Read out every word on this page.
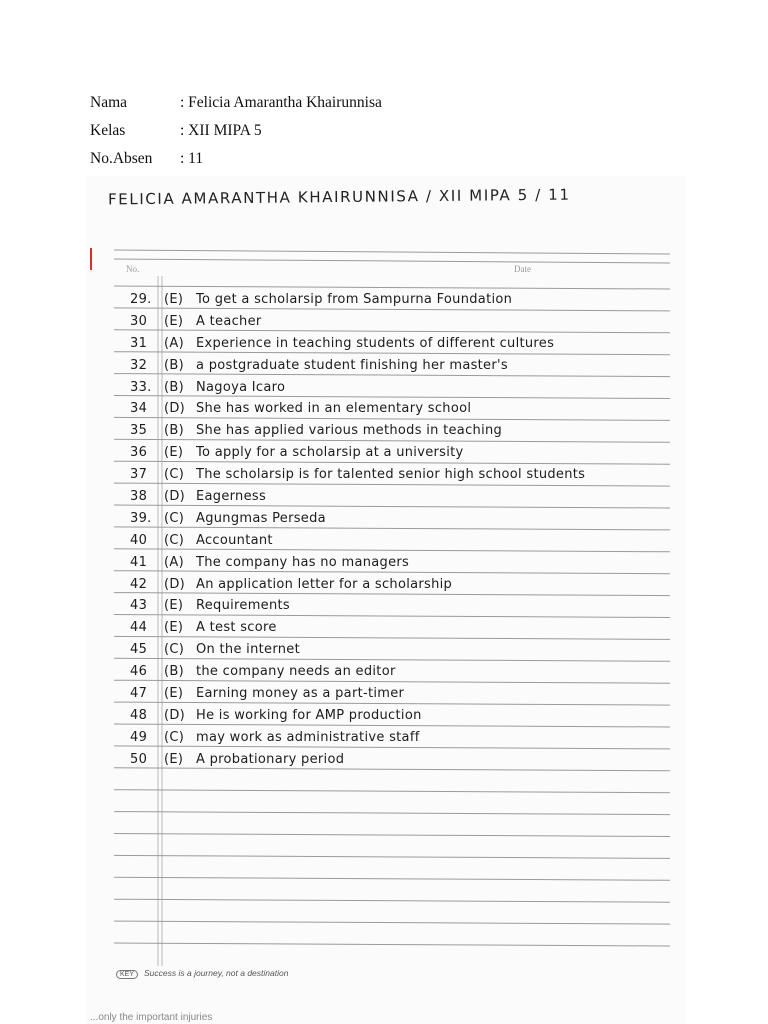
Nama	: Felicia Amarantha Khairunnisa
Kelas	: XII MIPA 5
No.Absen : 11
FELICIA AMARANTHA KHAIRUNNISA / XII MIPA 5 / 11
No.	Date
29. (E) To get a scholarsip from Sampurna Foundation
30	(E) A teacher
31	(A) Experience in teaching students of different cultures
32	(B) a postgraduate student finishing her master's
33. (B) Nagoya Icaro
34	(D) She has worked in an elementary school
35	(B) She has applied various methods in teaching
36	(E) To apply for a scholarsip at a university
37	(C) The scholarsip is for talented senior high school students
38	(D) Eagerness
39. (C) Agungmas Perseda
40	(C) Accountant
41	(A) The company has no managers
42	(D) An application letter for a scholarship
43	(E) Requirements
44	(E) A test score
45	(C) On the internet
46	(B) the company needs an editor
47	(E) Earning money as a part-timer
48	(D) He is working for AMP production
49	(C) may work as administrative staff
50	(E) A probationary period
KEY Success is a journey, not a destination
...only the important injuries
